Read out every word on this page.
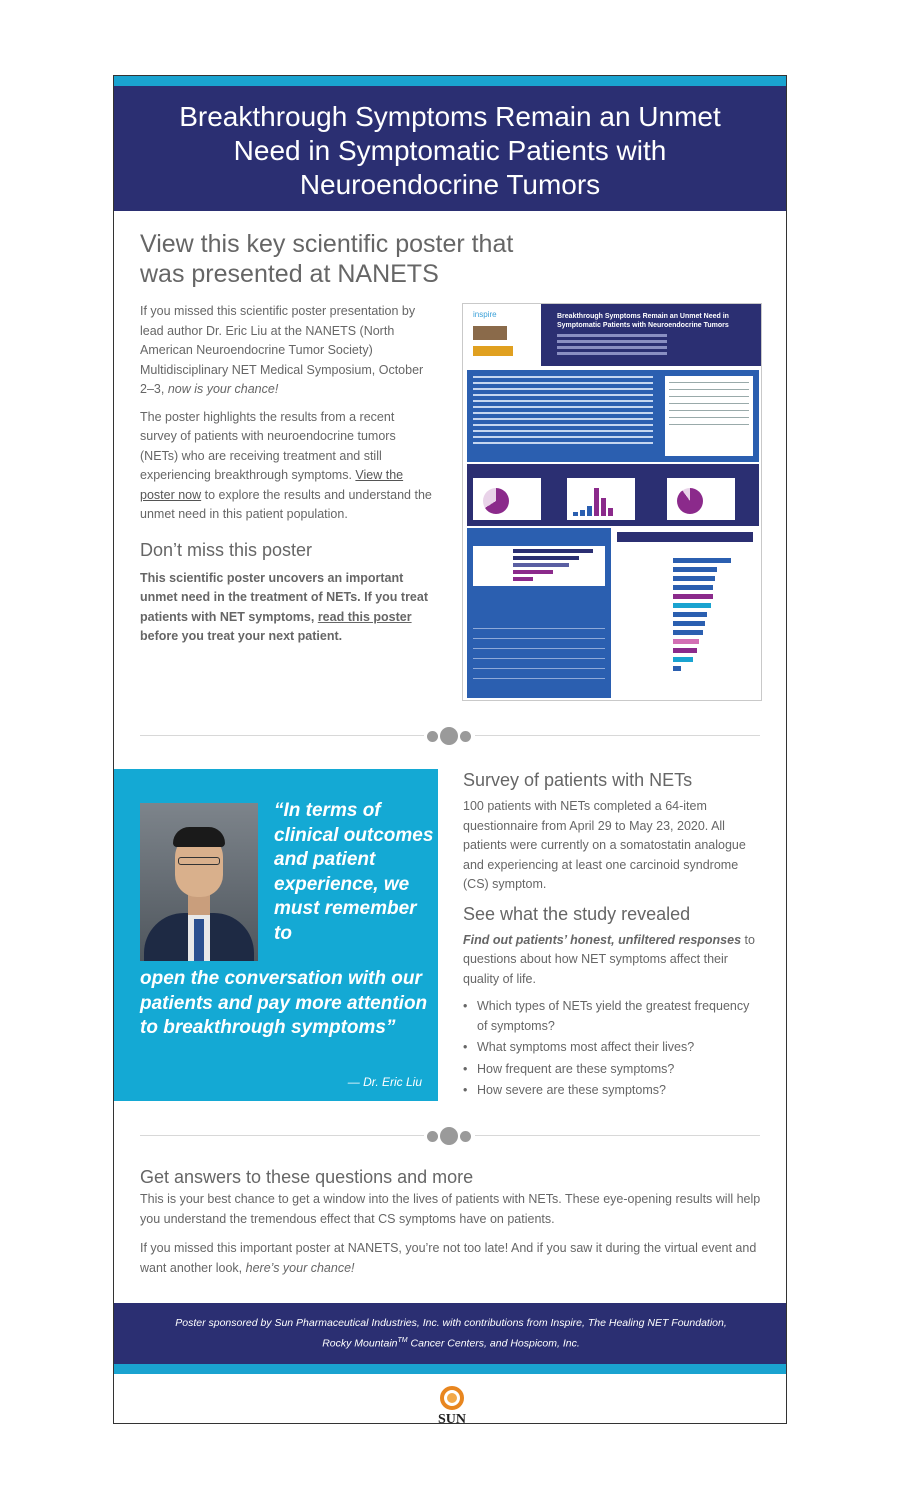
Breakthrough Symptoms Remain an Unmet Need in Symptomatic Patients with Neuroendocrine Tumors
View this key scientific poster that was presented at NANETS

If you missed this scientific poster presentation by lead author Dr. Eric Liu at the NANETS (North American Neuroendocrine Tumor Society) Multidisciplinary NET Medical Symposium, October 2–3, now is your chance!

The poster highlights the results from a recent survey of patients with neuroendocrine tumors (NETs) who are receiving treatment and still experiencing breakthrough symptoms. View the poster now to explore the results and understand the unmet need in this patient population.

Don’t miss this poster

This scientific poster uncovers an important unmet need in the treatment of NETs. If you treat patients with NET symptoms, read this poster before you treat your next patient.

inspire	Breakthrough Symptoms Remain an Unmet Need in Symptomatic Patients with Neuroendocrine Tumors
“In terms of clinical outcomes and patient experience, we must remember to
open the conversation with our patients and pay more attention to breakthrough symptoms”
— Dr. Eric Liu
Survey of patients with NETs

100 patients with NETs completed a 64-item questionnaire from April 29 to May 23, 2020. All patients were currently on a somatostatin analogue and experiencing at least one carcinoid syndrome (CS) symptom.

See what the study revealed

Find out patients’ honest, unfiltered responses to questions about how NET symptoms affect their quality of life.

• Which types of NETs yield the greatest frequency of symptoms?
• What symptoms most affect their lives?
• How frequent are these symptoms?
• How severe are these symptoms?
Get answers to these questions and more

This is your best chance to get a window into the lives of patients with NETs. These eye-opening results will help you understand the tremendous effect that CS symptoms have on patients.

If you missed this important poster at NANETS, you’re not too late! And if you saw it during the virtual event and want another look, here’s your chance!

Poster sponsored by Sun Pharmaceutical Industries, Inc. with contributions from Inspire, The Healing NET Foundation,
Rocky Mountain™ Cancer Centers, and Hospicom, Inc.
SUN
